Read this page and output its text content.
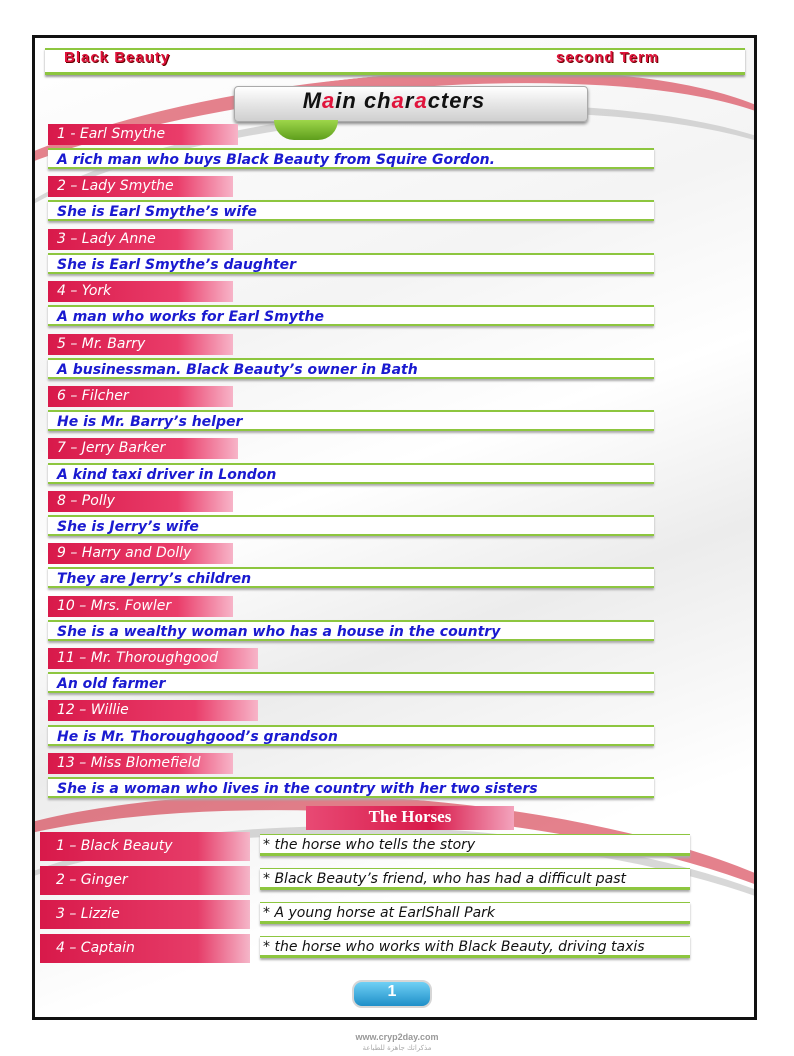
Black Beauty	second Term
Main characters
1 - Earl Smythe
A rich man who buys Black Beauty from Squire Gordon.
2 – Lady Smythe
She is Earl Smythe’s wife
3 – Lady Anne
She is Earl Smythe’s daughter
4 – York
A man who works for Earl Smythe
5 – Mr. Barry
A businessman. Black Beauty’s owner in Bath
6 – Filcher
He is Mr. Barry’s helper
7 – Jerry Barker
A kind taxi driver in London
8 – Polly
She is Jerry’s wife
9 – Harry and Dolly
They are Jerry’s children
10 – Mrs. Fowler
She is a wealthy woman who has a house in the country
11 – Mr. Thoroughgood
An old farmer
12 – Willie
He is Mr. Thoroughgood’s grandson
13 – Miss Blomefield
She is a woman who lives in the country with her two sisters
The Horses
1 – Black Beauty	* the horse who tells the story
2 – Ginger	* Black Beauty’s friend, who has had a difficult past
3 – Lizzie	* A young horse at EarlShall Park
4 – Captain	* the horse who works with Black Beauty, driving taxis
1
www.cryp2day.com
مذكراتك جاهزة للطباعة
